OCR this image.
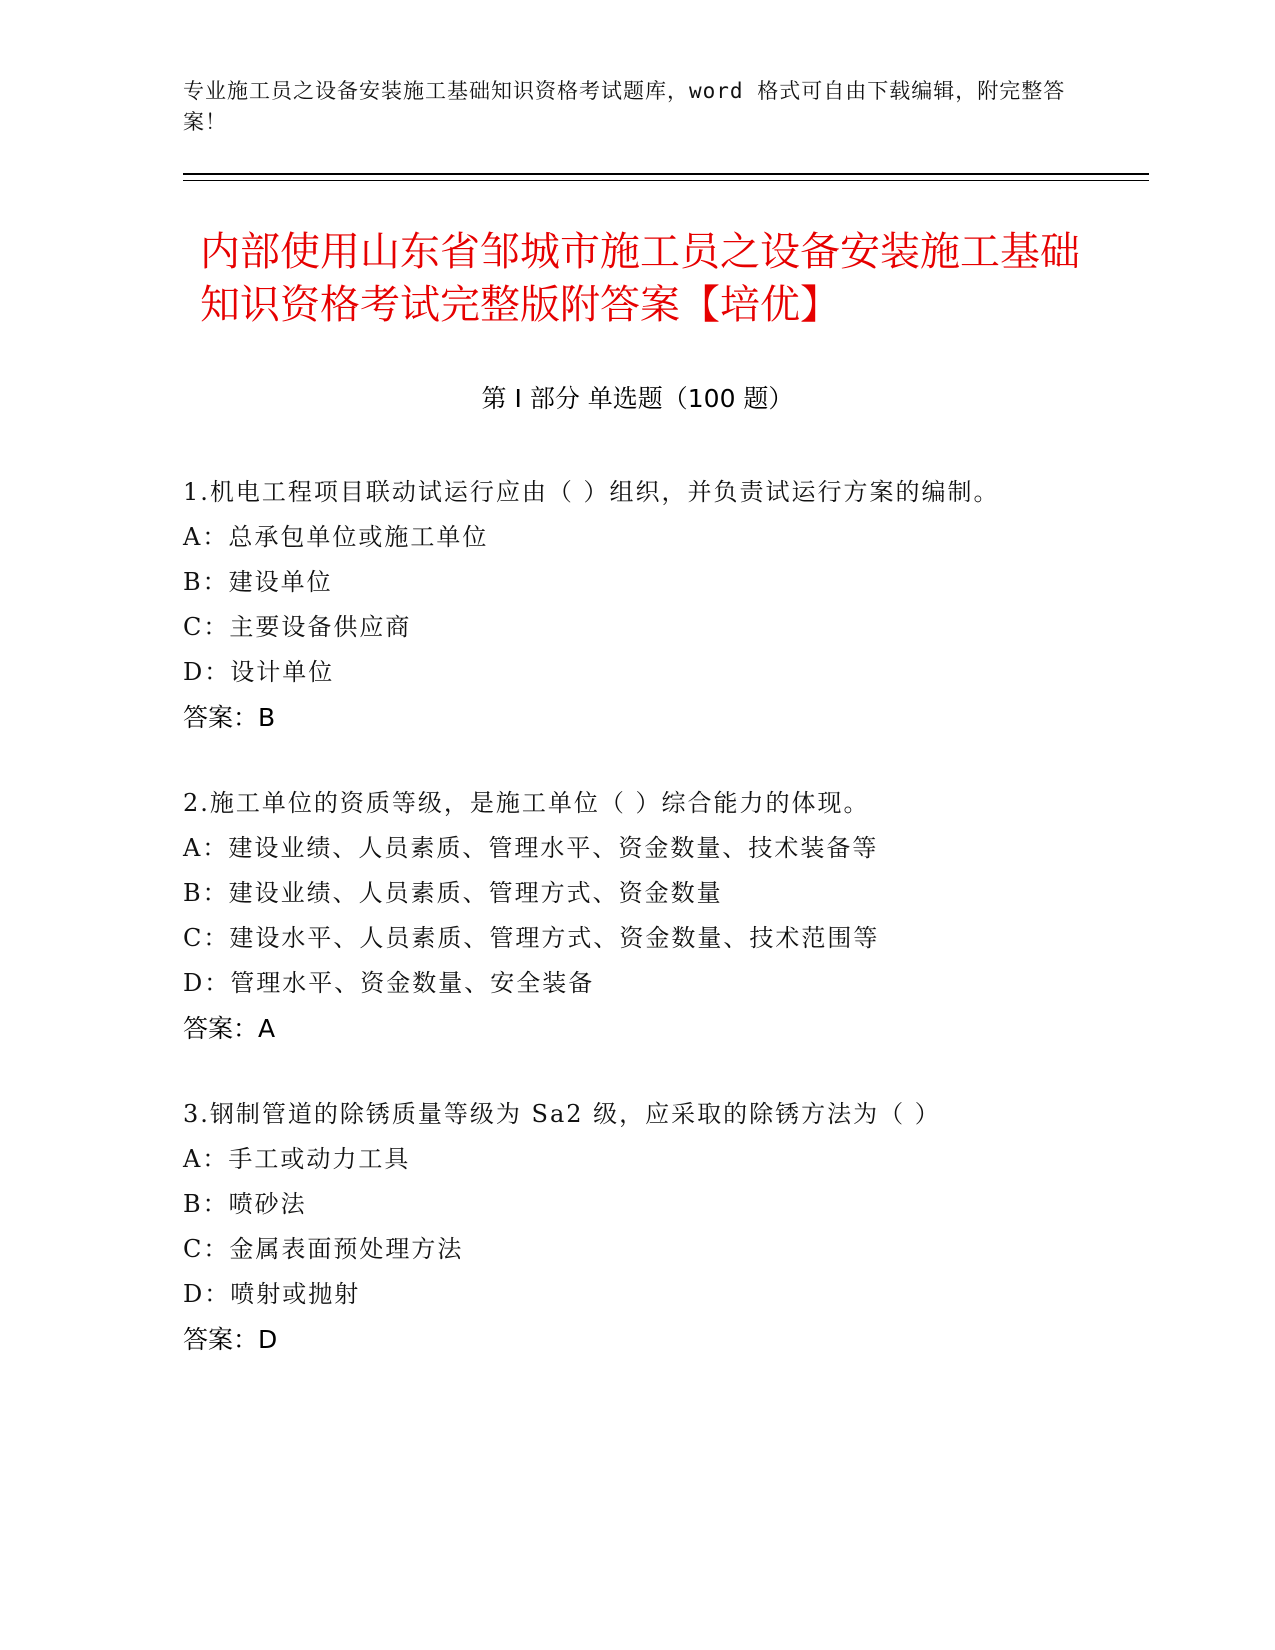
专业施工员之设备安装施工基础知识资格考试题库，word 格式可自由下载编辑，附完整答案！
内部使用山东省邹城市施工员之设备安装施工基础知识资格考试完整版附答案【培优】
第 I 部分 单选题（100 题）
1.机电工程项目联动试运行应由（ ）组织，并负责试运行方案的编制。
A：总承包单位或施工单位
B：建设单位
C：主要设备供应商
D：设计单位
答案：B
2.施工单位的资质等级，是施工单位（ ）综合能力的体现。
A：建设业绩、人员素质、管理水平、资金数量、技术装备等
B：建设业绩、人员素质、管理方式、资金数量
C：建设水平、人员素质、管理方式、资金数量、技术范围等
D：管理水平、资金数量、安全装备
答案：A
3.钢制管道的除锈质量等级为 Sa2 级，应采取的除锈方法为（ ）
A：手工或动力工具
B：喷砂法
C：金属表面预处理方法
D：喷射或抛射
答案：D
